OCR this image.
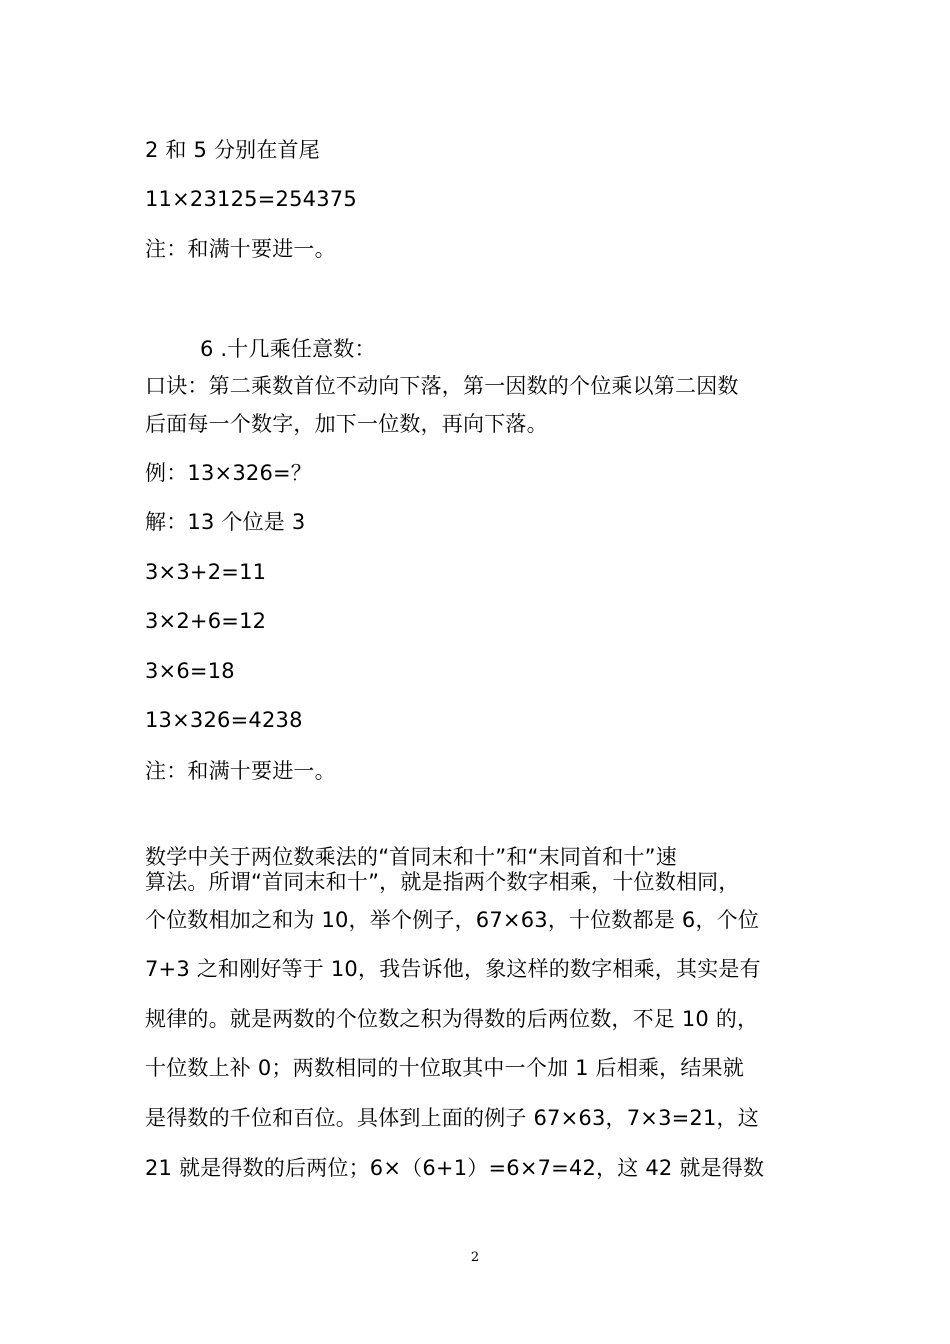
2 和 5 分别在首尾

11×23125=254375

注：和满十要进一。

6 .十几乘任意数：

口诀：第二乘数首位不动向下落，第一因数的个位乘以第二因数

后面每一个数字，加下一位数，再向下落。

例：13×326=？

解：13 个位是 3

3×3+2=11

3×2+6=12

3×6=18

13×326=4238

注：和满十要进一。

数学中关于两位数乘法的“首同末和十”和“末同首和十”速

算法。所谓“首同末和十”，就是指两个数字相乘，十位数相同，

个位数相加之和为 10，举个例子，67×63，十位数都是 6，个位

7+3 之和刚好等于 10，我告诉他，象这样的数字相乘，其实是有

规律的。就是两数的个位数之积为得数的后两位数，不足 10 的，

十位数上补 0；两数相同的十位取其中一个加 1 后相乘，结果就

是得数的千位和百位。具体到上面的例子 67×63，7×3=21，这

21 就是得数的后两位；6×（6+1）=6×7=42，这 42 就是得数

2
